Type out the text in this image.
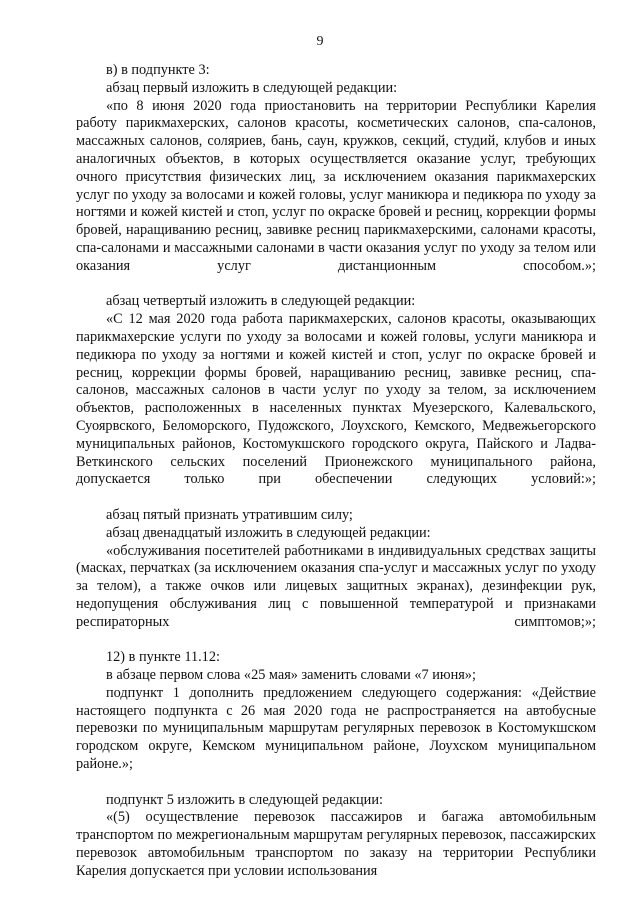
9

в) в подпункте 3:

абзац первый изложить в следующей редакции:

«по 8 июня 2020 года приостановить на территории Республики Карелия работу парикмахерских, салонов красоты, косметических салонов, спа-салонов, массажных салонов, соляриев, бань, саун, кружков, секций, студий, клубов и иных аналогичных объектов, в которых осуществляется оказание услуг, требующих очного присутствия физических лиц, за исключением оказания парикмахерских услуг по уходу за волосами и кожей головы, услуг маникюра и педикюра по уходу за ногтями и кожей кистей и стоп, услуг по окраске бровей и ресниц, коррекции формы бровей, наращиванию ресниц, завивке ресниц парикмахерскими, салонами красоты, спа-салонами и массажными салонами в части оказания услуг по уходу за телом или оказания услуг дистанционным способом.»;

абзац четвертый изложить в следующей редакции:

«С 12 мая 2020 года работа парикмахерских, салонов красоты, оказывающих парикмахерские услуги по уходу за волосами и кожей головы, услуги маникюра и педикюра по уходу за ногтями и кожей кистей и стоп, услуг по окраске бровей и ресниц, коррекции формы бровей, наращиванию ресниц, завивке ресниц, спа-салонов, массажных салонов в части услуг по уходу за телом, за исключением объектов, расположенных в населенных пунктах Муезерского, Калевальского, Суоярвского, Беломорского, Пудожского, Лоухского, Кемского, Медвежьегорского муниципальных районов, Костомукшского городского округа, Пайского и Ладва-Веткинского сельских поселений Прионежского муниципального района, допускается только при обеспечении следующих условий:»;

абзац пятый признать утратившим силу;

абзац двенадцатый изложить в следующей редакции:

«обслуживания посетителей работниками в индивидуальных средствах защиты (масках, перчатках (за исключением оказания спа-услуг и массажных услуг по уходу за телом), а также очков или лицевых защитных экранах), дезинфекции рук, недопущения обслуживания лиц с повышенной температурой и признаками респираторных симптомов;»;

12) в пункте 11.12:

в абзаце первом слова «25 мая» заменить словами «7 июня»;

подпункт 1 дополнить предложением следующего содержания: «Действие настоящего подпункта с 26 мая 2020 года не распространяется на автобусные перевозки по муниципальным маршрутам регулярных перевозок в Костомукшском городском округе, Кемском муниципальном районе, Лоухском муниципальном районе.»;

подпункт 5 изложить в следующей редакции:

«(5) осуществление перевозок пассажиров и багажа автомобильным транспортом по межрегиональным маршрутам регулярных перевозок, пассажирских перевозок автомобильным транспортом по заказу на территории Республики Карелия допускается при условии использования
